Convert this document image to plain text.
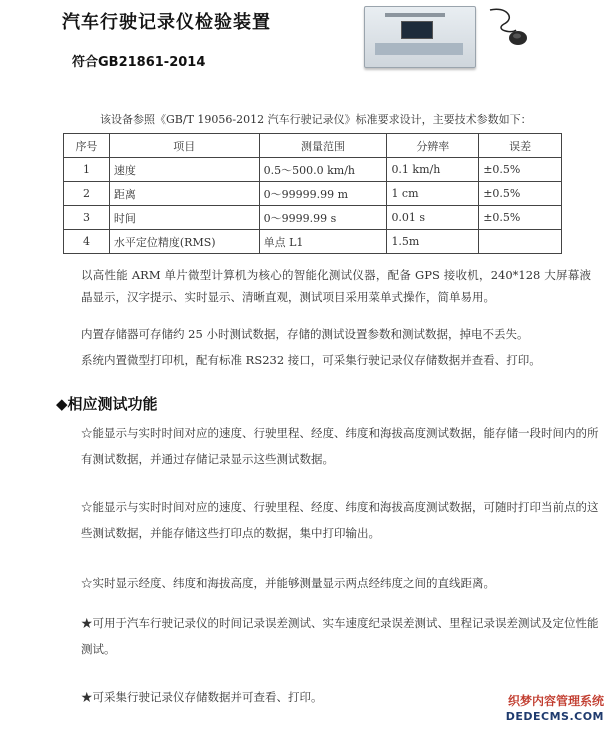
汽车行驶记录仪检验装置
符合GB21861-2014
该设备参照《GB/T 19056-2012 汽车行驶记录仪》标准要求设计，主要技术参数如下：
序号	项目	测量范围	分辨率	误差
1	速度	0.5～500.0 km/h	0.1 km/h	±0.5%
2	距离	0～99999.99 m	1 cm	±0.5%
3	时间	0～9999.99 s	0.01 s	±0.5%
4	水平定位精度(RMS)	单点 L1	1.5m	
以高性能 ARM 单片微型计算机为核心的智能化测试仪器，配备 GPS 接收机，240*128 大屏幕液晶显示，汉字提示、实时显示、清晰直观，测试项目采用菜单式操作，简单易用。
内置存储器可存储约 25 小时测试数据，存储的测试设置参数和测试数据，掉电不丢失。
系统内置微型打印机，配有标准 RS232 接口，可采集行驶记录仪存储数据并查看、打印。
◆相应测试功能
☆能显示与实时时间对应的速度、行驶里程、经度、纬度和海拔高度测试数据，能存储一段时间内的所有测试数据，并通过存储记录显示这些测试数据。
☆能显示与实时时间对应的速度、行驶里程、经度、纬度和海拔高度测试数据，可随时打印当前点的这些测试数据，并能存储这些打印点的数据，集中打印输出。
☆实时显示经度、纬度和海拔高度，并能够测量显示两点经纬度之间的直线距离。
★可用于汽车行驶记录仪的时间记录误差测试、实车速度纪录误差测试、里程记录误差测试及定位性能测试。
★可采集行驶记录仪存储数据并可查看、打印。	织梦内容管理系统
DEDECMS.COM
